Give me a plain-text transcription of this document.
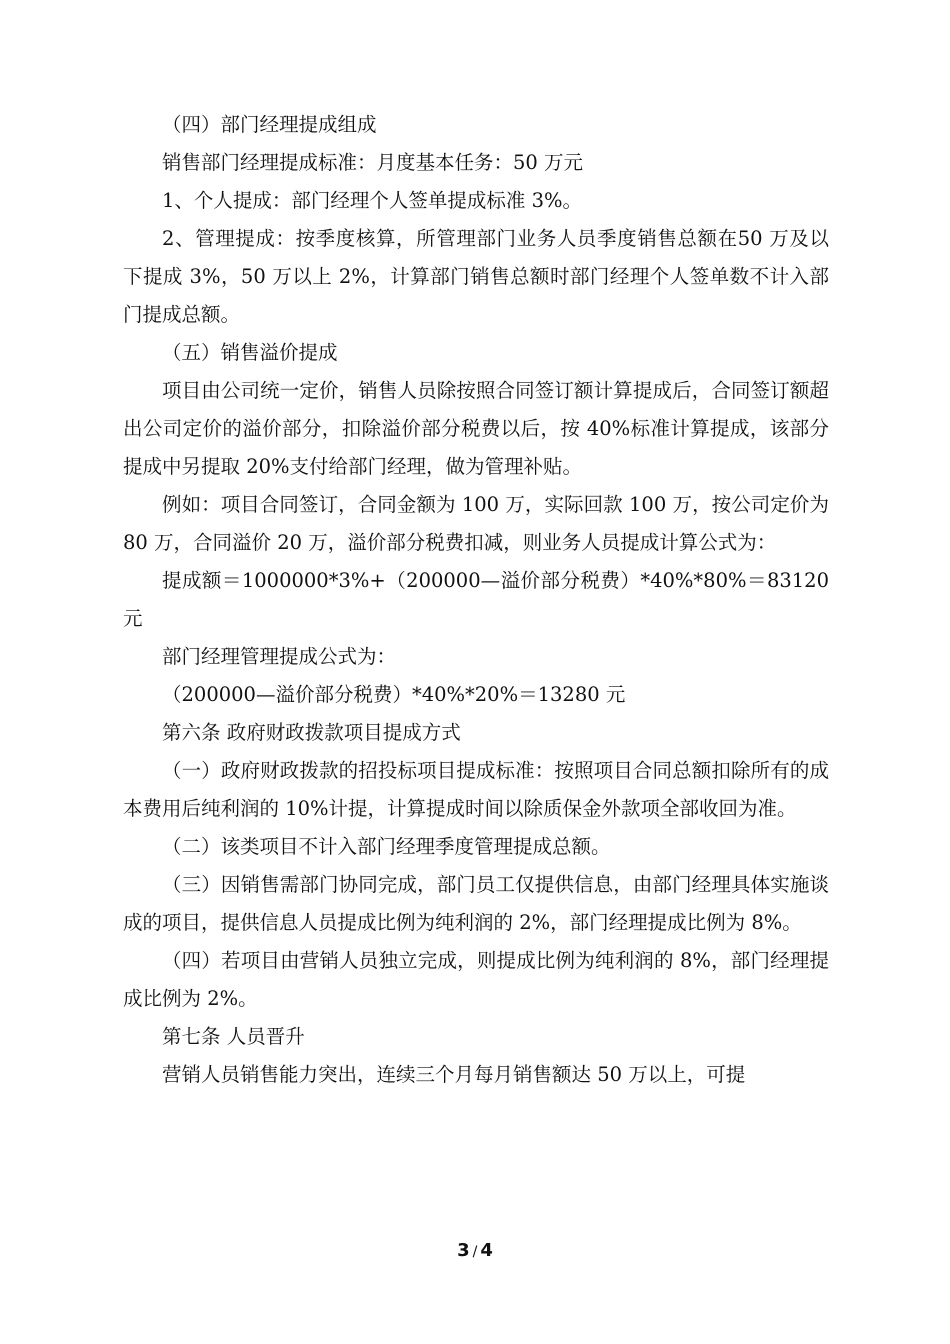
（四）部门经理提成组成

销售部门经理提成标准：月度基本任务：50 万元

1、个人提成：部门经理个人签单提成标准 3%。

2、管理提成：按季度核算，所管理部门业务人员季度销售总额在50 万及以下提成 3%，50 万以上 2%，计算部门销售总额时部门经理个人签单数不计入部门提成总额。

（五）销售溢价提成

项目由公司统一定价，销售人员除按照合同签订额计算提成后，合同签订额超出公司定价的溢价部分，扣除溢价部分税费以后，按 40%标准计算提成，该部分提成中另提取 20%支付给部门经理，做为管理补贴。

例如：项目合同签订，合同金额为 100 万，实际回款 100 万，按公司定价为 80 万，合同溢价 20 万，溢价部分税费扣减，则业务人员提成计算公式为：

提成额＝1000000*3%+（200000—溢价部分税费）*40%*80%＝83120元

部门经理管理提成公式为：

（200000—溢价部分税费）*40%*20%＝13280 元

第六条 政府财政拨款项目提成方式

（一）政府财政拨款的招投标项目提成标准：按照项目合同总额扣除所有的成本费用后纯利润的 10%计提，计算提成时间以除质保金外款项全部收回为准。

（二）该类项目不计入部门经理季度管理提成总额。

（三）因销售需部门协同完成，部门员工仅提供信息，由部门经理具体实施谈成的项目，提供信息人员提成比例为纯利润的 2%，部门经理提成比例为 8%。

（四）若项目由营销人员独立完成，则提成比例为纯利润的 8%，部门经理提成比例为 2%。

第七条 人员晋升

营销人员销售能力突出，连续三个月每月销售额达 50 万以上，可提

3 / 4
